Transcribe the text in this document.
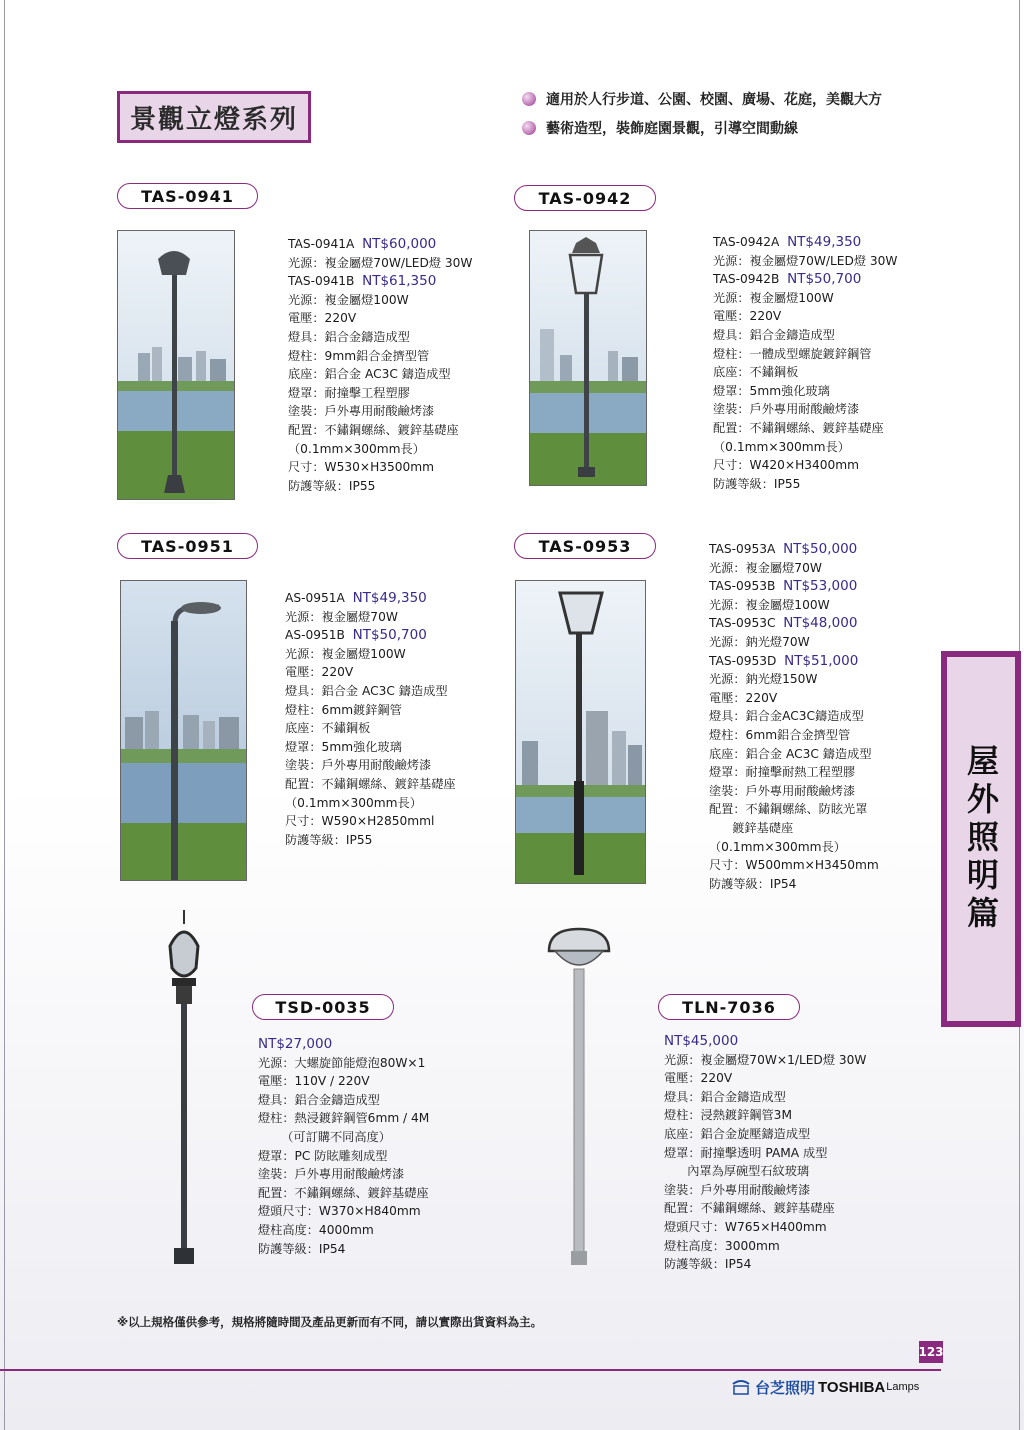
景觀立燈系列
適用於人行步道、公園、校園、廣場、花庭，美觀大方
藝術造型，裝飾庭園景觀，引導空間動線
TAS-0941	TAS-0942
TAS-0951	TAS-0953
TSD-0035	TLN-7036
TAS-0941A NT$60,000
光源：複金屬燈70W/LED燈 30W
TAS-0941B NT$61,350
光源：複金屬燈100W
電壓：220V
燈具：鋁合金鑄造成型
燈柱：9mm鋁合金擠型管
底座：鋁合金 AC3C 鑄造成型
燈罩：耐撞擊工程塑膠
塗裝：戶外專用耐酸鹼烤漆
配置：不鏽鋼螺絲、鍍鋅基礎座
（0.1mm×300mm長）
尺寸：W530×H3500mm
防護等級：IP55
TAS-0942A NT$49,350
光源：複金屬燈70W/LED燈 30W
TAS-0942B NT$50,700
光源：複金屬燈100W
電壓：220V
燈具：鋁合金鑄造成型
燈柱：一體成型螺旋鍍鋅鋼管
底座：不鏽鋼板
燈罩：5mm強化玻璃
塗裝：戶外專用耐酸鹼烤漆
配置：不鏽鋼螺絲、鍍鋅基礎座
（0.1mm×300mm長）
尺寸：W420×H3400mm
防護等級：IP55
AS-0951A NT$49,350
光源：複金屬燈70W
AS-0951B NT$50,700
光源：複金屬燈100W
電壓：220V
燈具：鋁合金 AC3C 鑄造成型
燈柱：6mm鍍鋅鋼管
底座：不鏽鋼板
燈罩：5mm強化玻璃
塗裝：戶外專用耐酸鹼烤漆
配置：不鏽鋼螺絲、鍍鋅基礎座
（0.1mm×300mm長）
尺寸：W590×H2850mml
防護等級：IP55
TAS-0953A NT$50,000
光源：複金屬燈70W
TAS-0953B NT$53,000
光源：複金屬燈100W
TAS-0953C NT$48,000
光源：鈉光燈70W
TAS-0953D NT$51,000
光源：鈉光燈150W
電壓：220V
燈具：鋁合金AC3C鑄造成型
燈柱：6mm鋁合金擠型管
底座：鋁合金 AC3C 鑄造成型
燈罩：耐撞擊耐熱工程塑膠
塗裝：戶外專用耐酸鹼烤漆
配置：不鏽鋼螺絲、防眩光罩
鍍鋅基礎座
（0.1mm×300mm長）
尺寸：W500mm×H3450mm
防護等級：IP54
NT$27,000
光源：大螺旋節能燈泡80W×1
電壓：110V / 220V
燈具：鋁合金鑄造成型
燈柱：熱浸鍍鋅鋼管6mm / 4M
（可訂購不同高度）
燈罩：PC 防眩雕刻成型
塗裝：戶外專用耐酸鹼烤漆
配置：不鏽鋼螺絲、鍍鋅基礎座
燈頭尺寸：W370×H840mm
燈柱高度：4000mm
防護等級：IP54
NT$45,000
光源：複金屬燈70W×1/LED燈 30W
電壓：220V
燈具：鋁合金鑄造成型
燈柱：浸熱鍍鋅鋼管3M
底座：鋁合金旋壓鑄造成型
燈罩：耐撞擊透明 PAMA 成型
內罩為厚碗型石紋玻璃
塗裝：戶外專用耐酸鹼烤漆
配置：不鏽鋼螺絲、鍍鋅基礎座
燈頭尺寸：W765×H400mm
燈柱高度：3000mm
防護等級：IP54
屋外照明篇
※以上規格僅供參考，規格將隨時間及產品更新而有不同，請以實際出貨資料為主。
123
台芝照明 TOSHIBA Lamps
